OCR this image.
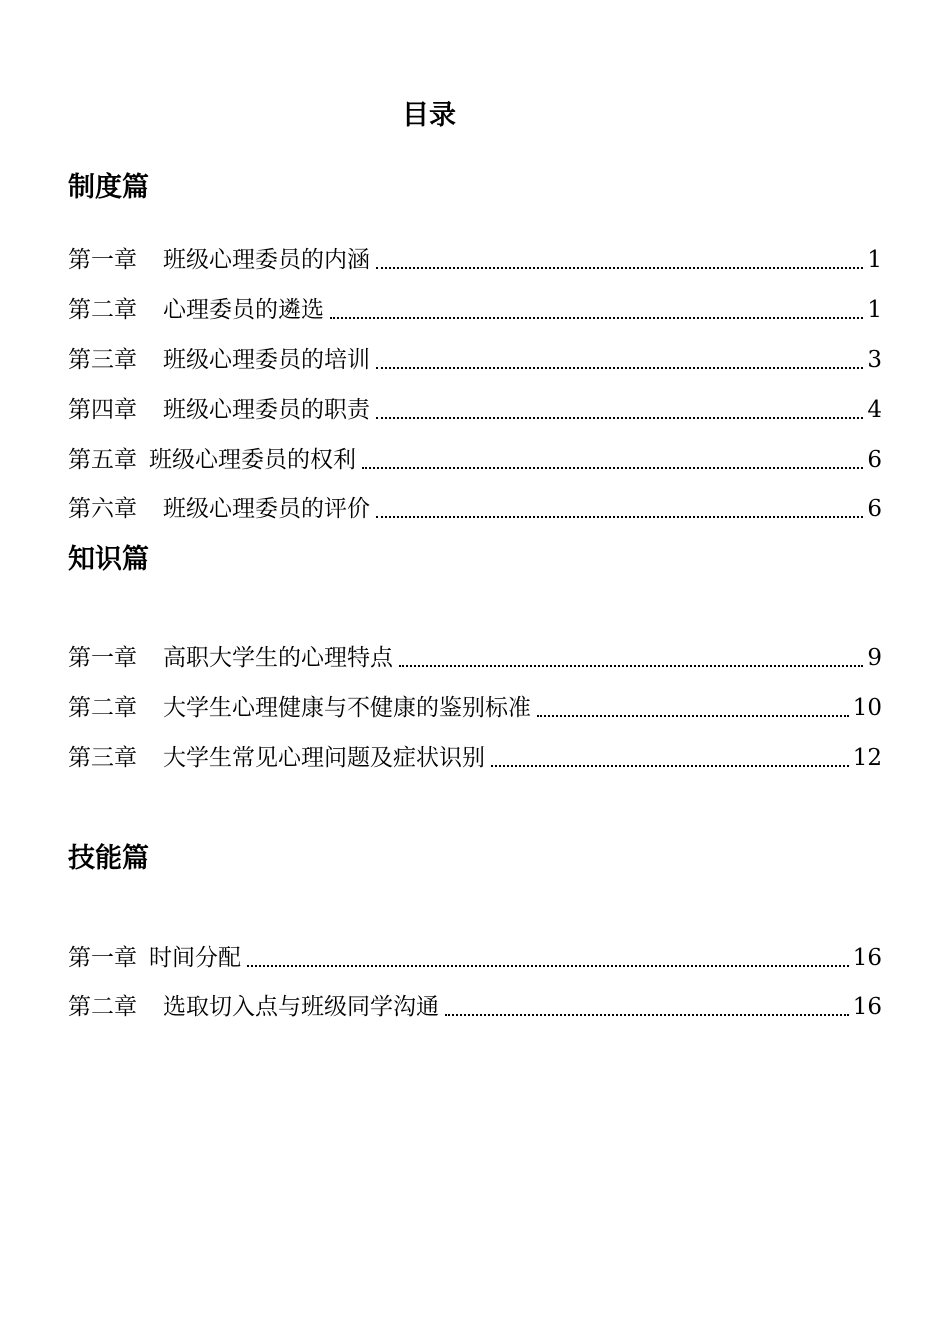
目录
制度篇
第一章 班级心理委员的内涵	1
第二章 心理委员的遴选	1
第三章 班级心理委员的培训	3
第四章 班级心理委员的职责	4
第五章 班级心理委员的权利	6
第六章 班级心理委员的评价	6
知识篇
第一章 高职大学生的心理特点	9
第二章 大学生心理健康与不健康的鉴别标准	10
第三章 大学生常见心理问题及症状识别	12
技能篇
第一章 时间分配	16
第二章 选取切入点与班级同学沟通	16
